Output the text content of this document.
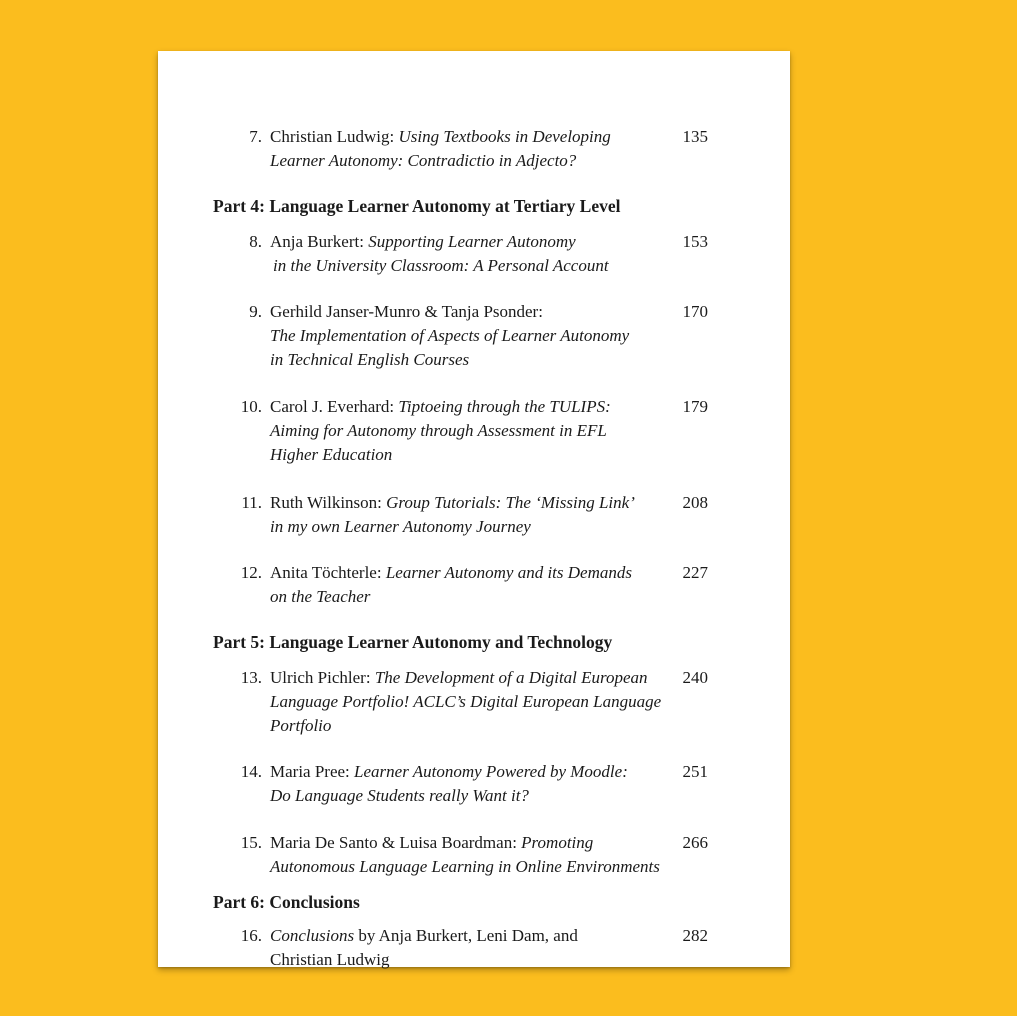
7. Christian Ludwig: Using Textbooks in Developing
Learner Autonomy: Contradictio in Adjecto?
135
Part 4: Language Learner Autonomy at Tertiary Level
8. Anja Burkert: Supporting Learner Autonomy
in the University Classroom: A Personal Account
153
9. Gerhild Janser-Munro & Tanja Psonder:
The Implementation of Aspects of Learner Autonomy
in Technical English Courses
170
10. Carol J. Everhard: Tiptoeing through the TULIPS:
Aiming for Autonomy through Assessment in EFL
Higher Education
179
11. Ruth Wilkinson: Group Tutorials: The ‘Missing Link’
in my own Learner Autonomy Journey
208
12. Anita Töchterle: Learner Autonomy and its Demands
on the Teacher
227
Part 5: Language Learner Autonomy and Technology
13. Ulrich Pichler: The Development of a Digital European
Language Portfolio! ACLC’s Digital European Language
Portfolio
240
14. Maria Pree: Learner Autonomy Powered by Moodle:
Do Language Students really Want it?
251
15. Maria De Santo & Luisa Boardman: Promoting
Autonomous Language Learning in Online Environments
266
Part 6: Conclusions
16. Conclusions by Anja Burkert, Leni Dam, and
Christian Ludwig
282
